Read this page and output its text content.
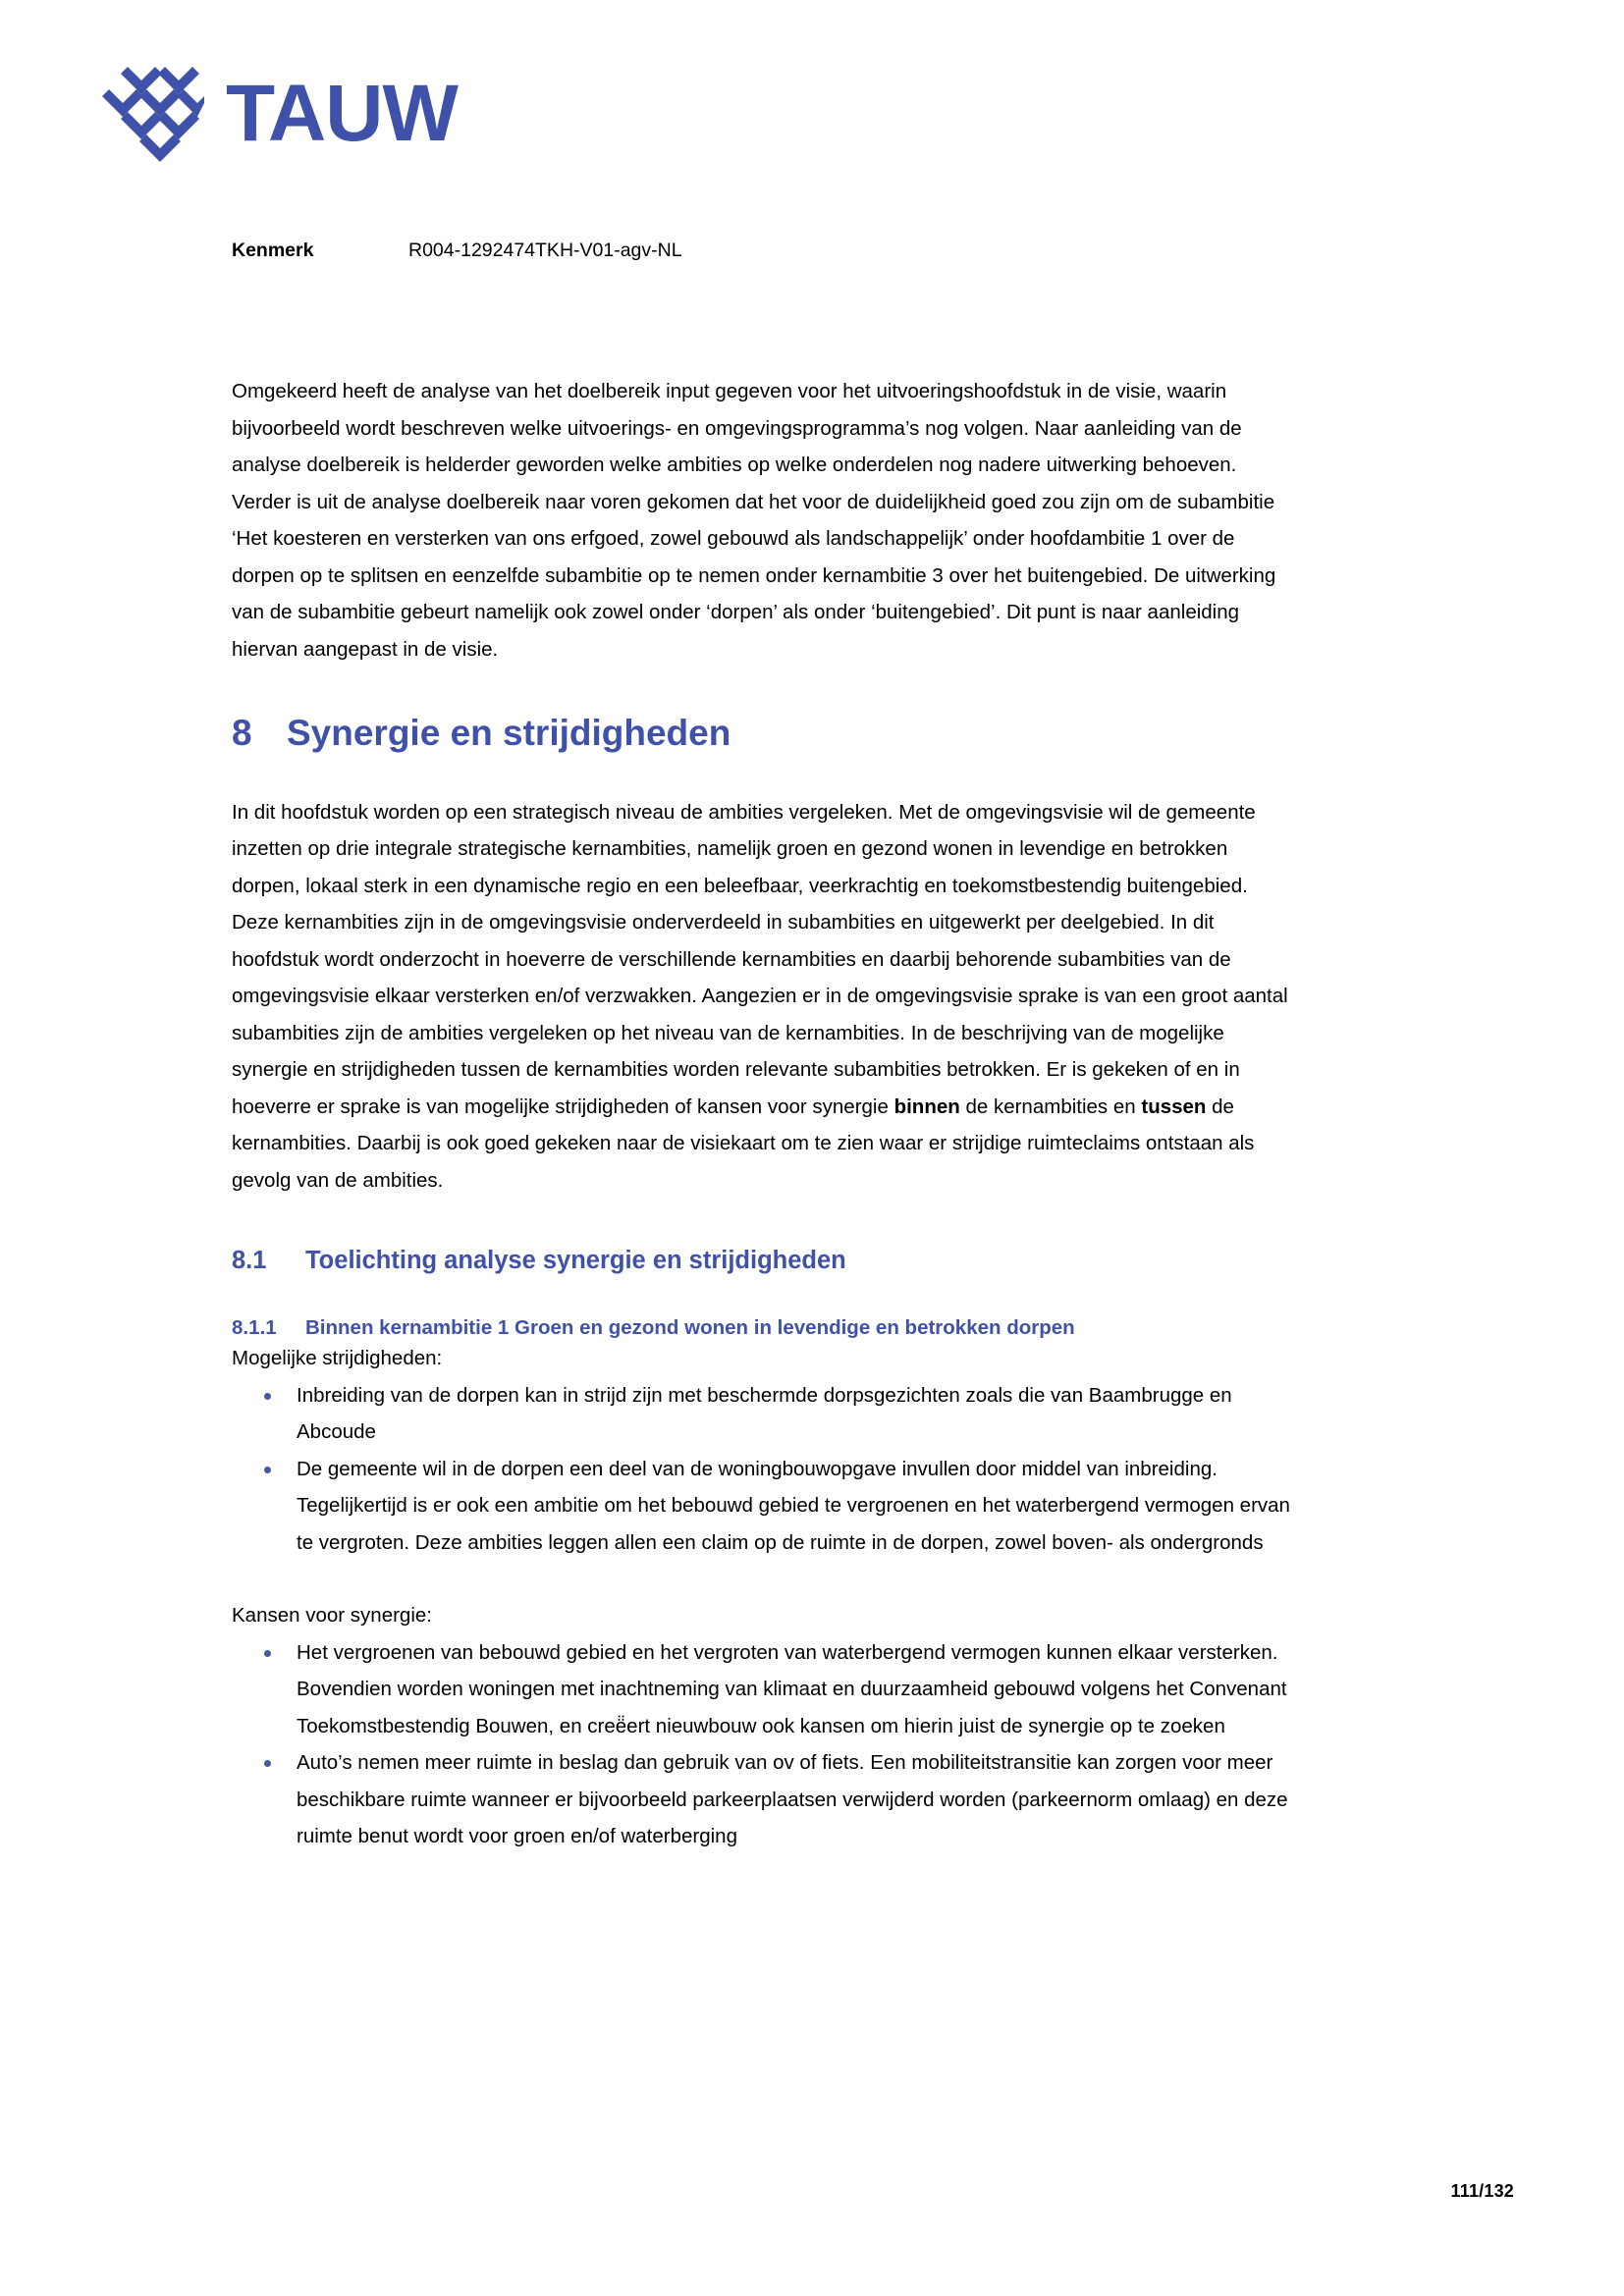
TAUW
Kenmerk	R004-1292474TKH-V01-agv-NL

Omgekeerd heeft de analyse van het doelbereik input gegeven voor het uitvoeringshoofdstuk in de visie, waarin bijvoorbeeld wordt beschreven welke uitvoerings- en omgevingsprogramma’s nog volgen. Naar aanleiding van de analyse doelbereik is helderder geworden welke ambities op welke onderdelen nog nadere uitwerking behoeven. Verder is uit de analyse doelbereik naar voren gekomen dat het voor de duidelijkheid goed zou zijn om de subambitie ‘Het koesteren en versterken van ons erfgoed, zowel gebouwd als landschappelijk’ onder hoofdambitie 1 over de dorpen op te splitsen en eenzelfde subambitie op te nemen onder kernambitie 3 over het buitengebied. De uitwerking van de subambitie gebeurt namelijk ook zowel onder ‘dorpen’ als onder ‘buitengebied’. Dit punt is naar aanleiding hiervan aangepast in de visie.

8 Synergie en strijdigheden

In dit hoofdstuk worden op een strategisch niveau de ambities vergeleken. Met de omgevingsvisie wil de gemeente inzetten op drie integrale strategische kernambities, namelijk groen en gezond wonen in levendige en betrokken dorpen, lokaal sterk in een dynamische regio en een beleefbaar, veerkrachtig en toekomstbestendig buitengebied. Deze kernambities zijn in de omgevingsvisie onderverdeeld in subambities en uitgewerkt per deelgebied. In dit hoofdstuk wordt onderzocht in hoeverre de verschillende kernambities en daarbij behorende subambities van de omgevingsvisie elkaar versterken en/of verzwakken. Aangezien er in de omgevingsvisie sprake is van een groot aantal subambities zijn de ambities vergeleken op het niveau van de kernambities. In de beschrijving van de mogelijke synergie en strijdigheden tussen de kernambities worden relevante subambities betrokken. Er is gekeken of en in hoeverre er sprake is van mogelijke strijdigheden of kansen voor synergie binnen de kernambities en tussen de kernambities. Daarbij is ook goed gekeken naar de visiekaart om te zien waar er strijdige ruimteclaims ontstaan als gevolg van de ambities.

8.1	Toelichting analyse synergie en strijdigheden
8.1.1	Binnen kernambitie 1 Groen en gezond wonen in levendige en betrokken dorpen

Mogelijke strijdigheden:

Inbreiding van de dorpen kan in strijd zijn met beschermde dorpsgezichten zoals die van Baambrugge en Abcoude
De gemeente wil in de dorpen een deel van de woningbouwopgave invullen door middel van inbreiding. Tegelijkertijd is er ook een ambitie om het bebouwd gebied te vergroenen en het waterbergend vermogen ervan te vergroten. Deze ambities leggen allen een claim op de ruimte in de dorpen, zowel boven- als ondergronds

Kansen voor synergie:

Het vergroenen van bebouwd gebied en het vergroten van waterbergend vermogen kunnen elkaar versterken. Bovendien worden woningen met inachtneming van klimaat en duurzaamheid gebouwd volgens het Convenant Toekomstbestendig Bouwen, en creë̈ert nieuwbouw ook kansen om hierin juist de synergie op te zoeken
Auto’s nemen meer ruimte in beslag dan gebruik van ov of fiets. Een mobiliteitstransitie kan zorgen voor meer beschikbare ruimte wanneer er bijvoorbeeld parkeerplaatsen verwijderd worden (parkeernorm omlaag) en deze ruimte benut wordt voor groen en/of waterberging
111/132
